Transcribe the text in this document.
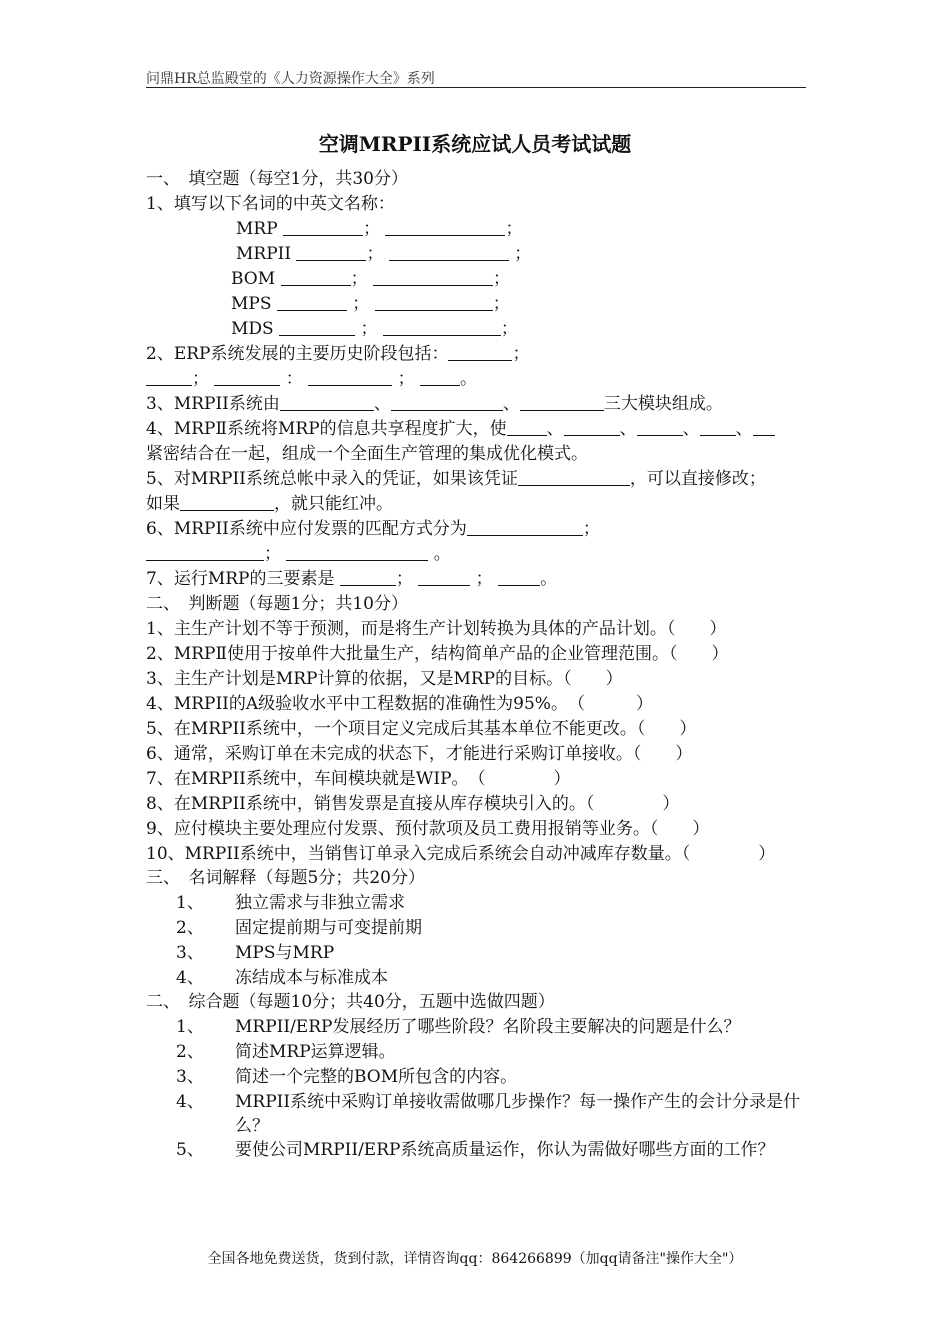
问鼎HR总监殿堂的《人力资源操作大全》系列
空调MRPII系统应试人员考试试题
一、　填空题（每空1分，共30分）
1、填写以下名词的中英文名称：
MRP	；	；
MRPII	；	；
BOM	；	；
MPS	；	；
MDS	；	；
2、ERP系统发展的主要历史阶段包括：	；
；	：	； 。
3、MRPII系统由	、	、	三大模块组成。
4、MRPⅡ系统将MRP的信息共享程度扩大，使 、	、	、 、
紧密结合在一起，组成一个全面生产管理的集成优化模式。
5、对MRPII系统总帐中录入的凭证，如果该凭证	，可以直接修改；
如果	，就只能红冲。
6、MRPII系统中应付发票的匹配方式分为	；
；	。
7、运行MRP的三要素是	；	； 。
二、　判断题（每题1分；共10分）
1、主生产计划不等于预测，而是将生产计划转换为具体的产品计划。（　　）
2、MRPⅡ使用于按单件大批量生产，结构简单产品的企业管理范围。（　　）
3、主生产计划是MRP计算的依据，又是MRP的目标。（　　）
4、MRPII的A级验收水平中工程数据的准确性为95%。　（　　　）
5、在MRPII系统中，一个项目定义完成后其基本单位不能更改。（　　）
6、通常，采购订单在未完成的状态下，才能进行采购订单接收。（　　）
7、在MRPII系统中，车间模块就是WIP。　（　　　　）
8、在MRPII系统中，销售发票是直接从库存模块引入的。（　　　　）
9、应付模块主要处理应付发票、预付款项及员工费用报销等业务。（　　）
10、MRPII系统中，当销售订单录入完成后系统会自动冲减库存数量。（　　　　）
三、　名词解释（每题5分；共20分）
1、 独立需求与非独立需求
2、 固定提前期与可变提前期
3、 MPS与MRP
4、 冻结成本与标准成本
二、　综合题（每题10分；共40分，五题中选做四题）
1、 MRPII/ERP发展经历了哪些阶段？名阶段主要解决的问题是什么？
2、 简述MRP运算逻辑。
3、 简述一个完整的BOM所包含的内容。
4、 MRPII系统中采购订单接收需做哪几步操作？每一操作产生的会计分录是什么？
5、 要使公司MRPII/ERP系统高质量运作，你认为需做好哪些方面的工作？
全国各地免费送货，货到付款，详情咨询qq：864266899（加qq请备注"操作大全"）
